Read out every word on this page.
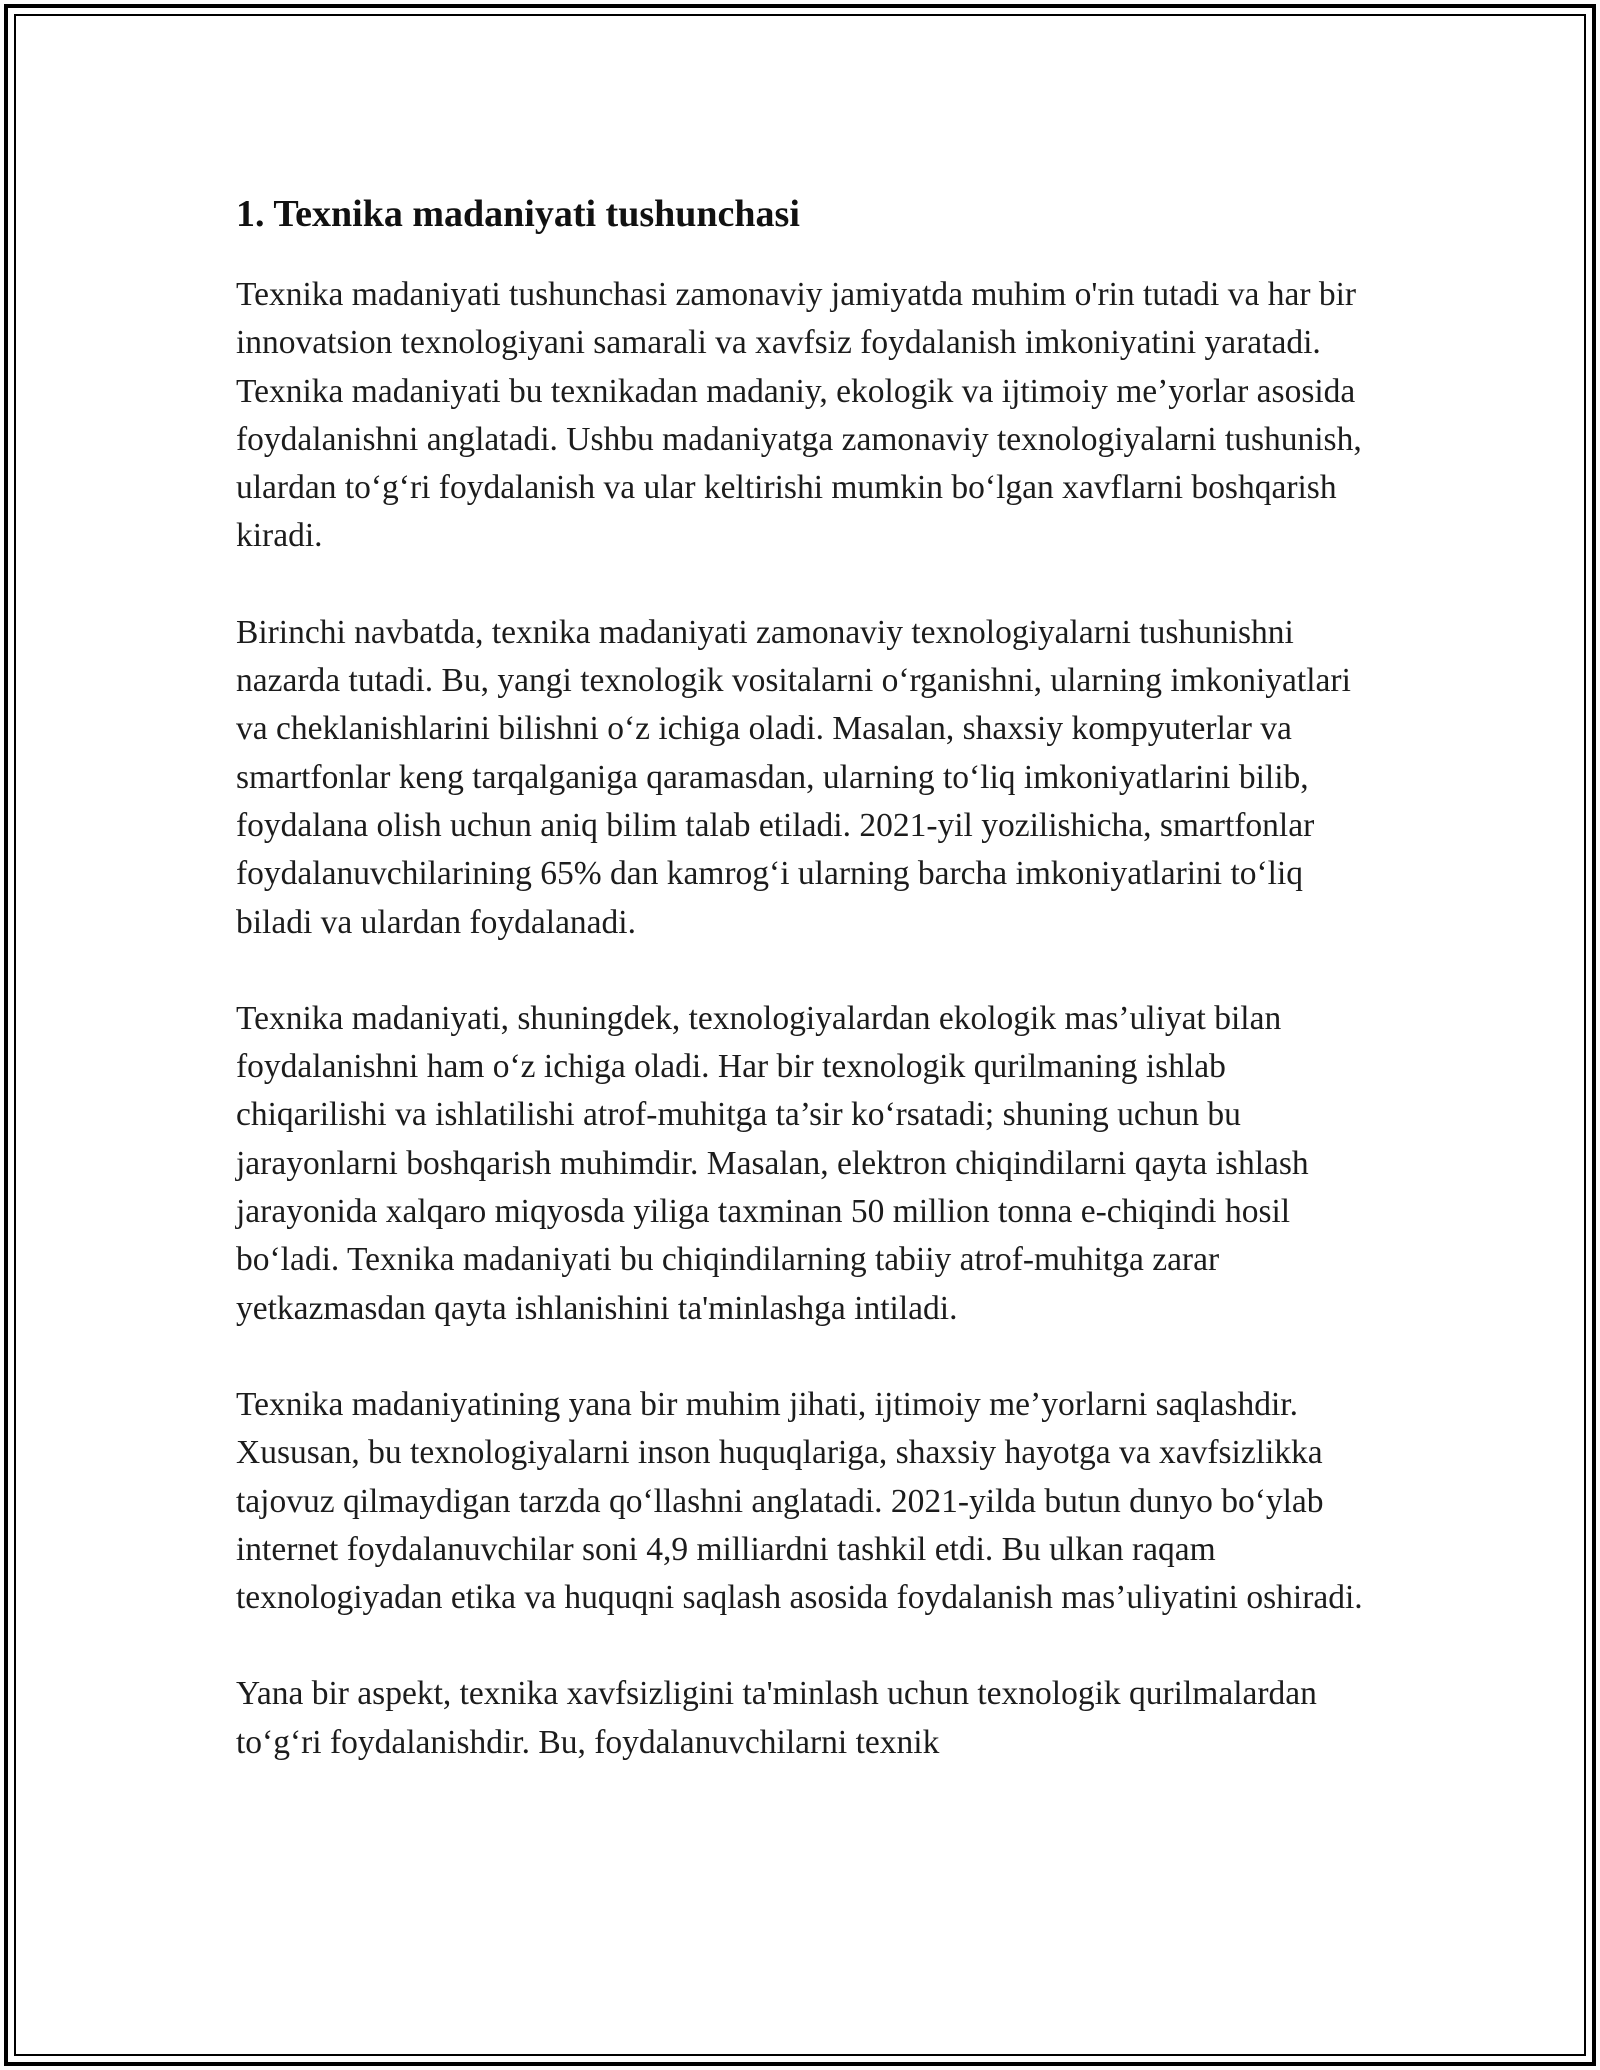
1. Texnika madaniyati tushunchasi

Texnika madaniyati tushunchasi zamonaviy jamiyatda muhim o'rin tutadi va har bir innovatsion texnologiyani samarali va xavfsiz foydalanish imkoniyatini yaratadi. Texnika madaniyati bu texnikadan madaniy, ekologik va ijtimoiy me’yorlar asosida foydalanishni anglatadi. Ushbu madaniyatga zamonaviy texnologiyalarni tushunish, ulardan to‘g‘ri foydalanish va ular keltirishi mumkin bo‘lgan xavflarni boshqarish kiradi.

Birinchi navbatda, texnika madaniyati zamonaviy texnologiyalarni tushunishni nazarda tutadi. Bu, yangi texnologik vositalarni o‘rganishni, ularning imkoniyatlari va cheklanishlarini bilishni o‘z ichiga oladi. Masalan, shaxsiy kompyuterlar va smartfonlar keng tarqalganiga qaramasdan, ularning to‘liq imkoniyatlarini bilib, foydalana olish uchun aniq bilim talab etiladi. 2021-yil yozilishicha, smartfonlar foydalanuvchilarining 65% dan kamrog‘i ularning barcha imkoniyatlarini to‘liq biladi va ulardan foydalanadi.

Texnika madaniyati, shuningdek, texnologiyalardan ekologik mas’uliyat bilan foydalanishni ham o‘z ichiga oladi. Har bir texnologik qurilmaning ishlab chiqarilishi va ishlatilishi atrof-muhitga ta’sir ko‘rsatadi; shuning uchun bu jarayonlarni boshqarish muhimdir. Masalan, elektron chiqindilarni qayta ishlash jarayonida xalqaro miqyosda yiliga taxminan 50 million tonna e-chiqindi hosil bo‘ladi. Texnika madaniyati bu chiqindilarning tabiiy atrof-muhitga zarar yetkazmasdan qayta ishlanishini ta'minlashga intiladi.

Texnika madaniyatining yana bir muhim jihati, ijtimoiy me’yorlarni saqlashdir. Xususan, bu texnologiyalarni inson huquqlariga, shaxsiy hayotga va xavfsizlikka tajovuz qilmaydigan tarzda qo‘llashni anglatadi. 2021-yilda butun dunyo bo‘ylab internet foydalanuvchilar soni 4,9 milliardni tashkil etdi. Bu ulkan raqam texnologiyadan etika va huquqni saqlash asosida foydalanish mas’uliyatini oshiradi.

Yana bir aspekt, texnika xavfsizligini ta'minlash uchun texnologik qurilmalardan to‘g‘ri foydalanishdir. Bu, foydalanuvchilarni texnik
